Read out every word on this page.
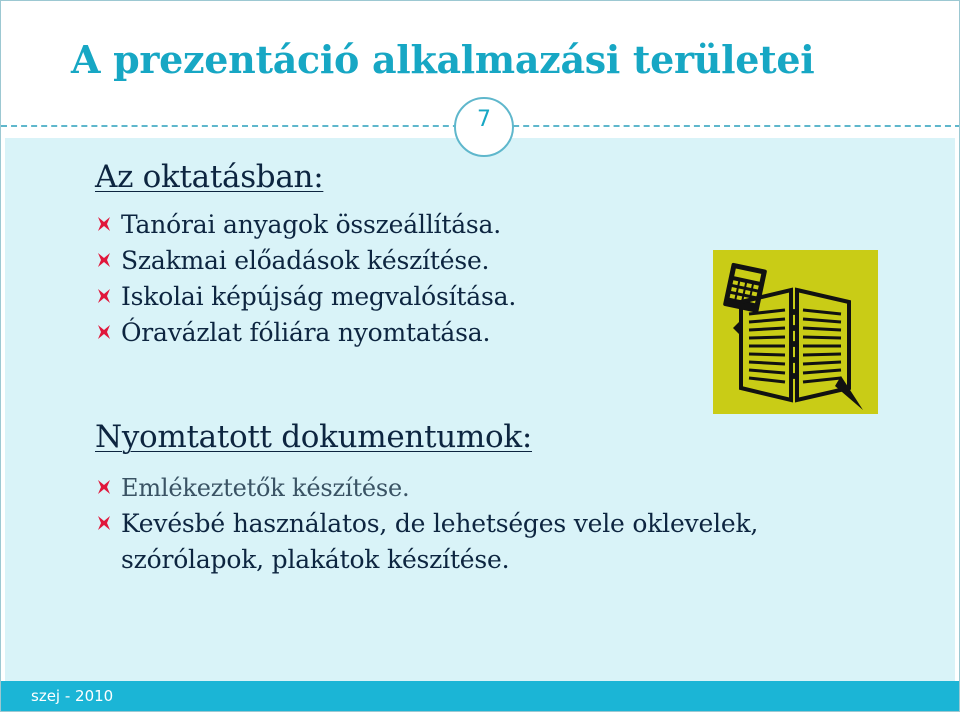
A prezentáció alkalmazási területei
7
Az oktatásban:
Tanórai anyagok összeállítása.
Szakmai előadások készítése.
Iskolai képújság megvalósítása.
Óravázlat fóliára nyomtatása.
Nyomtatott dokumentumok:
Emlékeztetők készítése.
Kevésbé használatos, de lehetséges vele oklevelek, szórólapok, plakátok készítése.
szej - 2010
